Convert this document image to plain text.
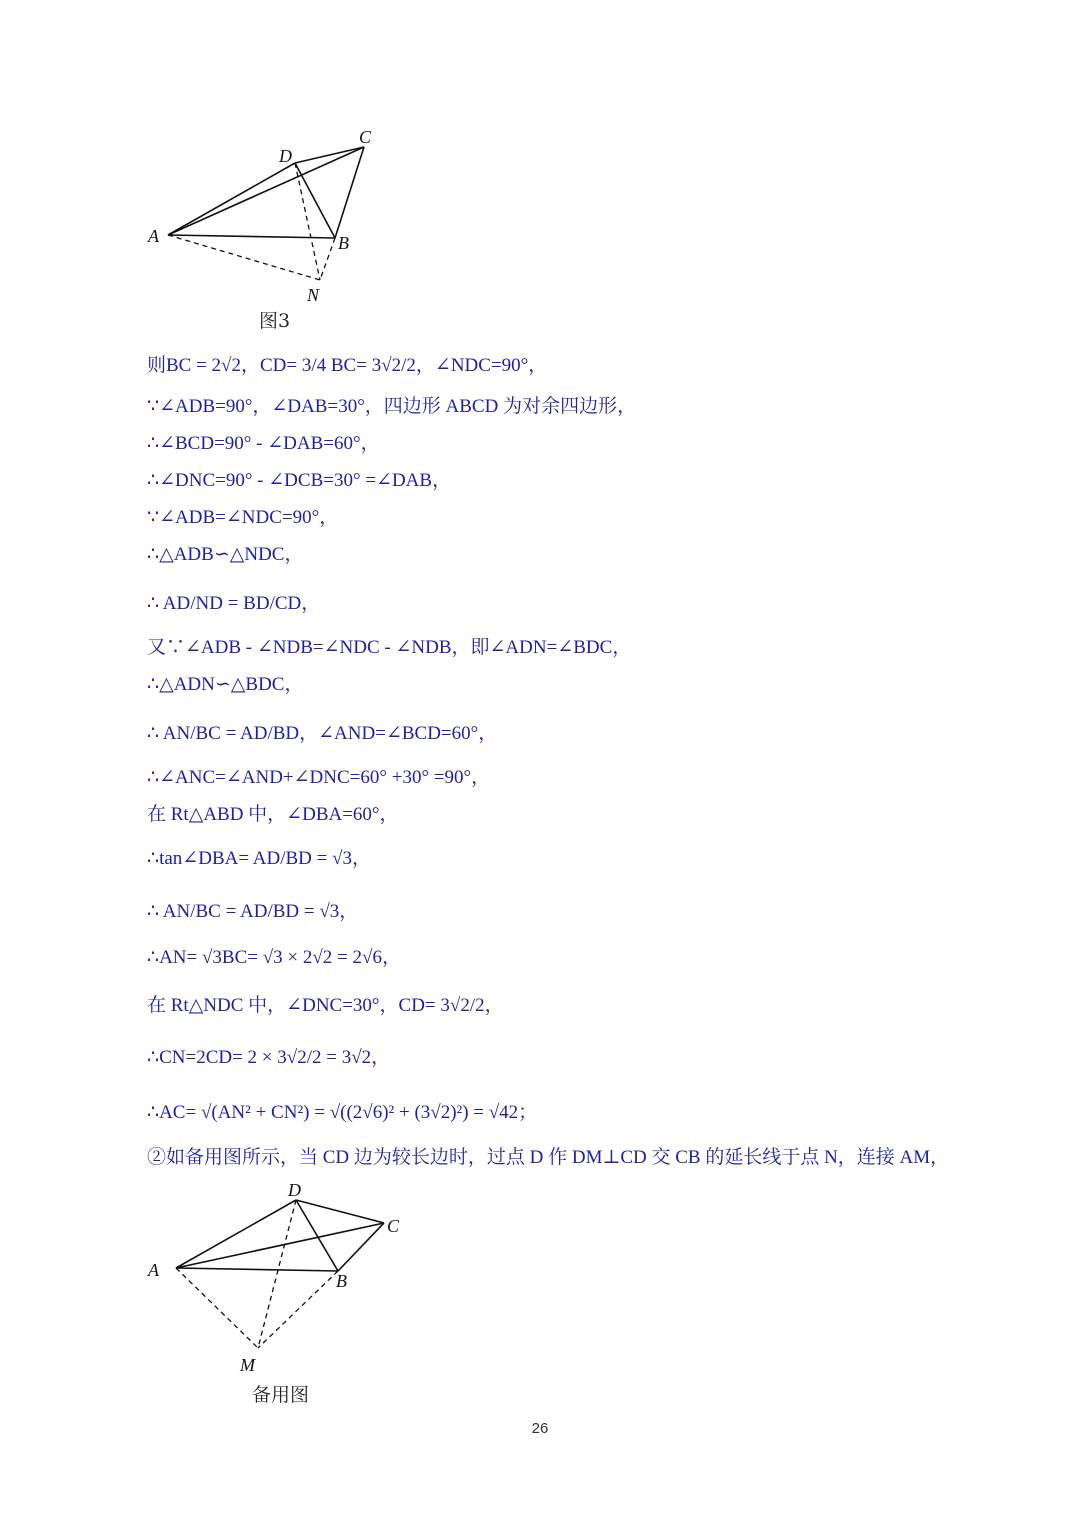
A	B
C
D
N
图3
则BC = 2√2，CD= 3/4 BC= 3√2/2，∠NDC=90°，
∵∠ADB=90°，∠DAB=30°，四边形 ABCD 为对余四边形，
∴∠BCD=90° - ∠DAB=60°，
∴∠DNC=90° - ∠DCB=30° =∠DAB，
∵∠ADB=∠NDC=90°，
∴△ADB∽△NDC，
∴ AD/ND = BD/CD，
又∵∠ADB - ∠NDB=∠NDC - ∠NDB，即∠ADN=∠BDC，
∴△ADN∽△BDC，
∴ AN/BC = AD/BD，∠AND=∠BCD=60°，
∴∠ANC=∠AND+∠DNC=60° +30° =90°，
在 Rt△ABD 中，∠DBA=60°，
∴tan∠DBA= AD/BD = √3，
∴ AN/BC = AD/BD = √3，
∴AN= √3BC= √3 × 2√2 = 2√6，
在 Rt△NDC 中，∠DNC=30°，CD= 3√2/2，
∴CN=2CD= 2 × 3√2/2 = 3√2，
∴AC= √(AN² + CN²) = √((2√6)² + (3√2)²) = √42；
②如备用图所示，当 CD 边为较长边时，过点 D 作 DM⊥CD 交 CB 的延长线于点 N，连接 AM，
A
B
C
D
M
备用图
26
